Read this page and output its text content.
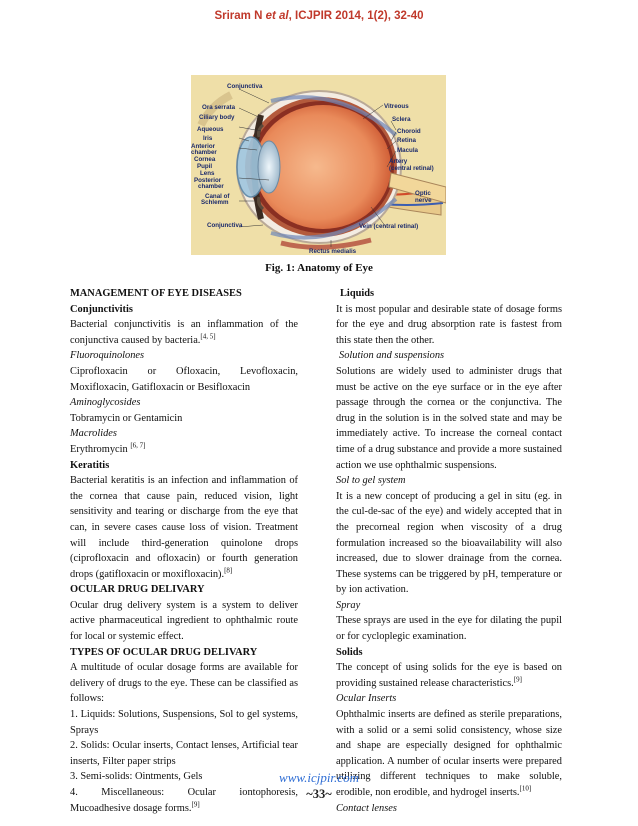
Sriram N et al, ICJPIR 2014, 1(2), 32-40
Conjunctiva
Ora serrata
Ciliary body
Aqueous
Iris
Anterior
chamber
Cornea
Pupil
Lens
Posterior
chamber
Canal of
Schlemm
Conjunctiva
Vitreous
Sclera
Choroid
Retina
Macula
Artery
(central retinal)
Optic
nerve
Vein (central retinal)
Rectus medialis
Fig. 1: Anatomy of Eye

MANAGEMENT OF EYE DISEASES

Conjunctivitis

Bacterial conjunctivitis is an inflammation of the conjunctiva caused by bacteria.[4, 5]

Fluoroquinolones

Ciprofloxacin or Ofloxacin, Levofloxacin, Moxifloxacin, Gatifloxacin or Besifloxacin

Aminoglycosides

Tobramycin or Gentamicin

Macrolides

Erythromycin [6, 7]

Keratitis

Bacterial keratitis is an infection and inflammation of the cornea that cause pain, reduced vision, light sensitivity and tearing or discharge from the eye that can, in severe cases cause loss of vision. Treatment will include third-generation quinolone drops (ciprofloxacin and ofloxacin) or fourth generation drops (gatifloxacin or moxifloxacin).[8]

OCULAR DRUG DELIVARY

Ocular drug delivery system is a system to deliver active pharmaceutical ingredient to ophthalmic route for local or systemic effect.

TYPES OF OCULAR DRUG DELIVARY

A multitude of ocular dosage forms are available for delivery of drugs to the eye. These can be classified as follows:

1. Liquids: Solutions, Suspensions, Sol to gel systems, Sprays

2. Solids: Ocular inserts, Contact lenses, Artificial tear inserts, Filter paper strips

3. Semi-solids: Ointments, Gels

4. Miscellaneous: Ocular iontophoresis, Mucoadhesive dosage forms.[9]

Liquids

It is most popular and desirable state of dosage forms for the eye and drug absorption rate is fastest from this state then the other.

Solution and suspensions

Solutions are widely used to administer drugs that must be active on the eye surface or in the eye after passage through the cornea or the conjunctiva. The drug in the solution is in the solved state and may be immediately active. To increase the corneal contact time of a drug substance and provide a more sustained action we use ophthalmic suspensions.

Sol to gel system

It is a new concept of producing a gel in situ (eg. in the cul-de-sac of the eye) and widely accepted that in the precorneal region when viscosity of a drug formulation increased so the bioavailability will also increased, due to slower drainage from the cornea. These systems can be triggered by pH, temperature or by ion activation.

Spray

These sprays are used in the eye for dilating the pupil or for cycloplegic examination.

Solids

The concept of using solids for the eye is based on providing sustained release characteristics.[9]

Ocular Inserts

Ophthalmic inserts are defined as sterile preparations, with a solid or a semi solid consistency, whose size and shape are especially designed for ophthalmic application. A number of ocular inserts were prepared utilizing different techniques to make soluble, erodible, non erodible, and hydrogel inserts.[10]

Contact lenses

www.icjpir.com
~33~
